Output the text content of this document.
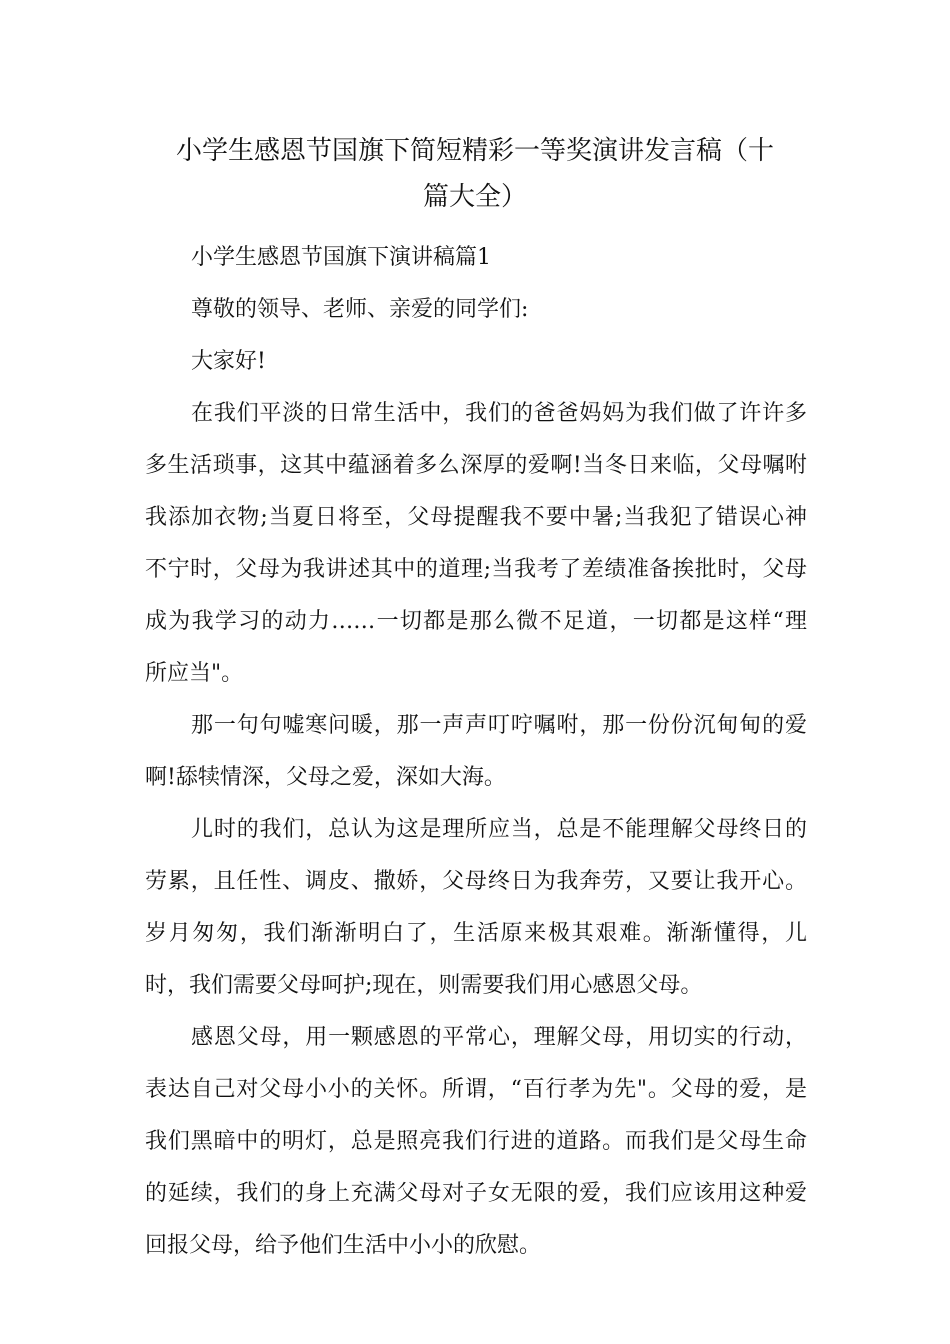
小学生感恩节国旗下简短精彩一等奖演讲发言稿（十
篇大全）
小学生感恩节国旗下演讲稿篇1
尊敬的领导、老师、亲爱的同学们:
大家好!
在我们平淡的日常生活中，我们的爸爸妈妈为我们做了许许多
多生活琐事，这其中蕴涵着多么深厚的爱啊!当冬日来临，父母嘱咐
我添加衣物;当夏日将至，父母提醒我不要中暑;当我犯了错误心神
不宁时，父母为我讲述其中的道理;当我考了差绩准备挨批时，父母
成为我学习的动力……一切都是那么微不足道，一切都是这样“理
所应当"。
那一句句嘘寒问暖，那一声声叮咛嘱咐，那一份份沉甸甸的爱
啊!舔犊情深，父母之爱，深如大海。
儿时的我们，总认为这是理所应当，总是不能理解父母终日的
劳累，且任性、调皮、撒娇，父母终日为我奔劳，又要让我开心。
岁月匆匆，我们渐渐明白了，生活原来极其艰难。渐渐懂得，儿
时，我们需要父母呵护;现在，则需要我们用心感恩父母。
感恩父母，用一颗感恩的平常心，理解父母，用切实的行动，
表达自己对父母小小的关怀。所谓，“百行孝为先"。父母的爱，是
我们黑暗中的明灯，总是照亮我们行进的道路。而我们是父母生命
的延续，我们的身上充满父母对子女无限的爱，我们应该用这种爱
回报父母，给予他们生活中小小的欣慰。
